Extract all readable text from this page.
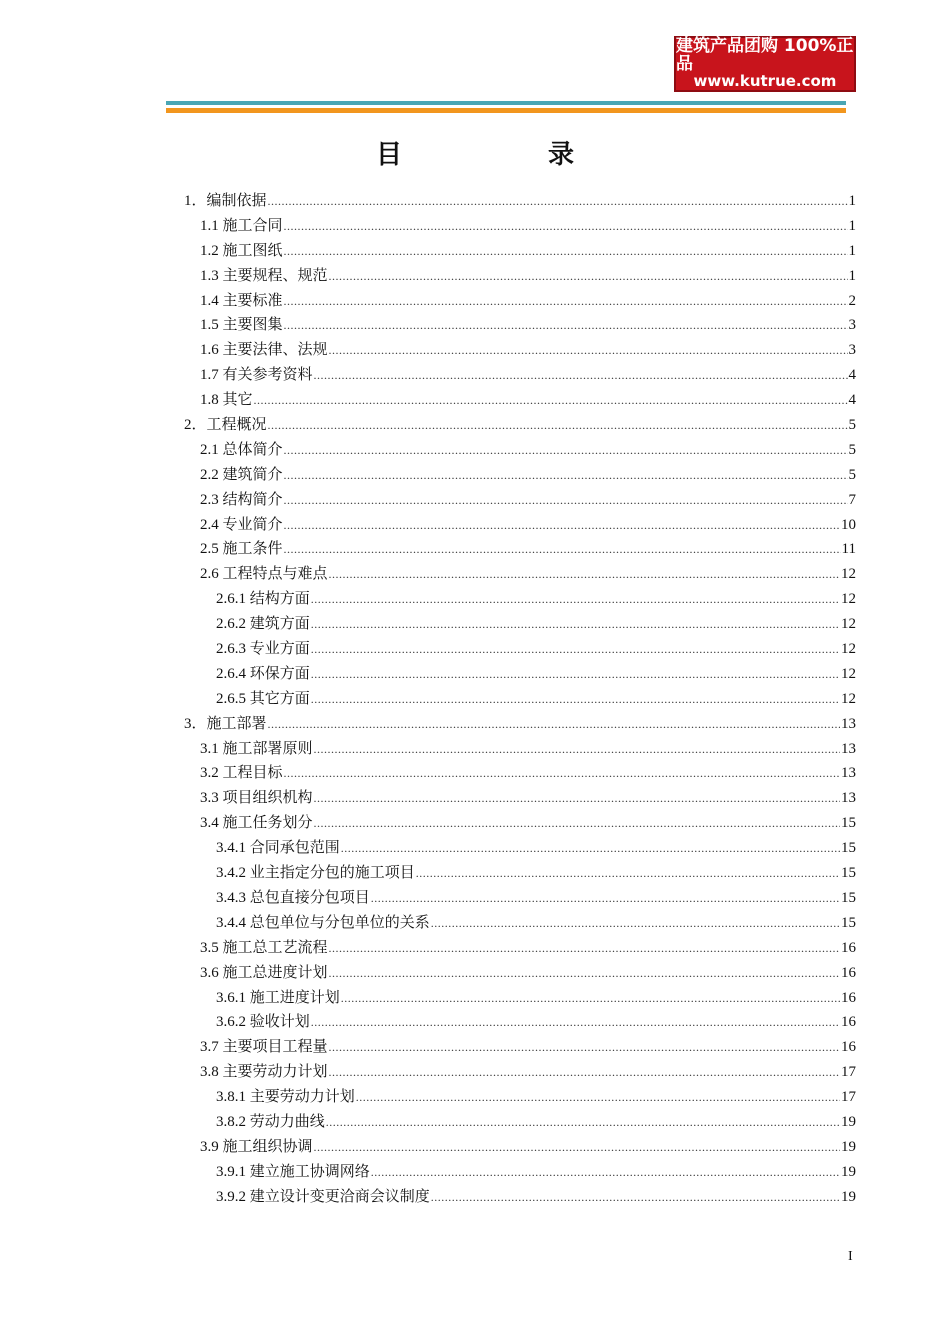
建筑产品团购 100%正品
www.kutrue.com
目　录
1．编制依据 .....	1
1.1 施工合同 .....	1
1.2 施工图纸 .....	1
1.3 主要规程、规范 .....	1
1.4 主要标准 .....	2
1.5 主要图集 .....	3
1.6 主要法律、法规 .....	3
1.7 有关参考资料 .....	4
1.8 其它 .....	4
2．工程概况 .....	5
2.1 总体简介 .....	5
2.2 建筑简介 .....	5
2.3 结构简介 .....	7
2.4 专业简介 .....	10
2.5 施工条件 .....	11
2.6 工程特点与难点 .....	12
2.6.1 结构方面 .....	12
2.6.2 建筑方面 .....	12
2.6.3 专业方面 .....	12
2.6.4 环保方面 .....	12
2.6.5 其它方面 .....	12
3．施工部署 .....	13
3.1 施工部署原则 .....	13
3.2 工程目标 .....	13
3.3 项目组织机构 .....	13
3.4 施工任务划分 .....	15
3.4.1 合同承包范围 .....	15
3.4.2 业主指定分包的施工项目 .....	15
3.4.3 总包直接分包项目 .....	15
3.4.4 总包单位与分包单位的关系 .....	15
3.5 施工总工艺流程 .....	16
3.6 施工总进度计划 .....	16
3.6.1 施工进度计划 .....	16
3.6.2 验收计划 .....	16
3.7 主要项目工程量 .....	16
3.8 主要劳动力计划 .....	17
3.8.1 主要劳动力计划 .....	17
3.8.2 劳动力曲线 .....	19
3.9 施工组织协调 .....	19
3.9.1 建立施工协调网络 .....	19
3.9.2 建立设计变更洽商会议制度 .....	19
I
